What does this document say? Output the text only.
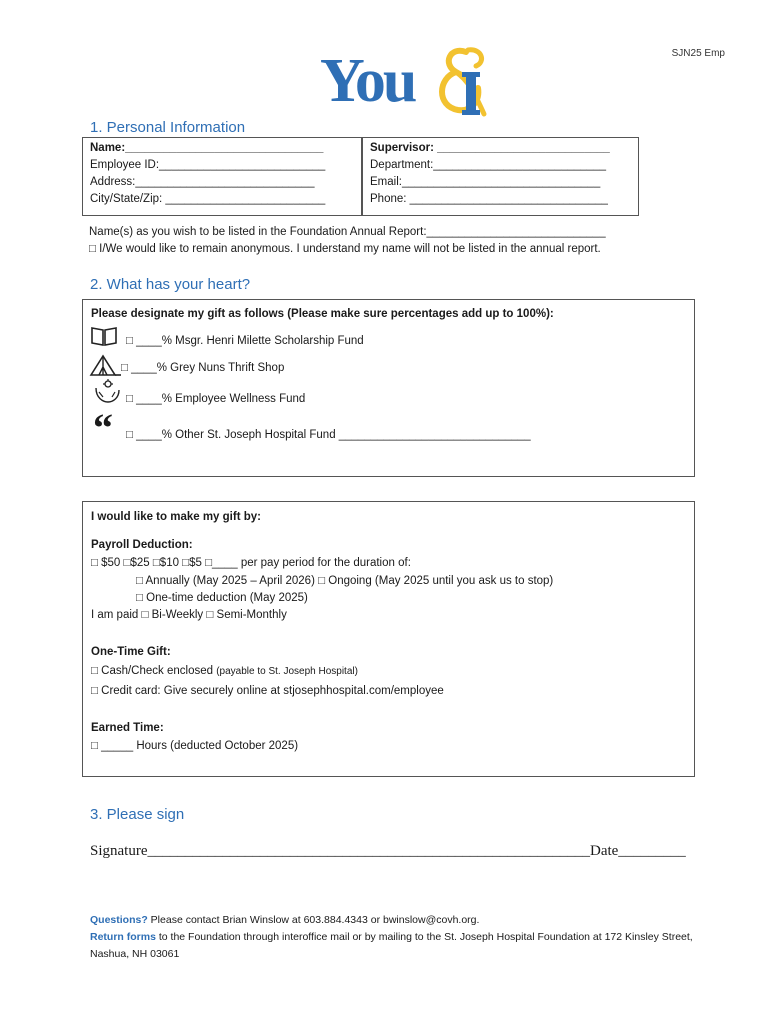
SJN25 Emp
You
1. Personal Information
Name:_______________________________
Employee ID:__________________________
Address:____________________________
City/State/Zip: _________________________
Supervisor: ___________________________
Department:___________________________
Email:_______________________________
Phone: _______________________________
Name(s) as you wish to be listed in the Foundation Annual Report:____________________________
□ I/We would like to remain anonymous. I understand my name will not be listed in the annual report.
2. What has your heart?
Please designate my gift as follows (Please make sure percentages add up to 100%):
□ ____% Msgr. Henri Milette Scholarship Fund
□ ____% Grey Nuns Thrift Shop
□ ____% Employee Wellness Fund
“ □ ____% Other St. Joseph Hospital Fund ______________________________
I would like to make my gift by:
Payroll Deduction:
□ $50 □$25 □$10 □$5 □____ per pay period for the duration of:
□ Annually (May 2025 – April 2026) □ Ongoing (May 2025 until you ask us to stop)
□ One-time deduction (May 2025)
I am paid □ Bi-Weekly □ Semi-Monthly
One-Time Gift:
□ Cash/Check enclosed (payable to St. Joseph Hospital)
□ Credit card: Give securely online at stjosephhospital.com/employee
Earned Time:
□ _____ Hours (deducted October 2025)
3. Please sign
Signature___________________________________________________________Date_________
Questions? Please contact Brian Winslow at 603.884.4343 or bwinslow@covh.org.
Return forms to the Foundation through interoffice mail or by mailing to the St. Joseph Hospital Foundation at 172 Kinsley Street, Nashua, NH 03061
